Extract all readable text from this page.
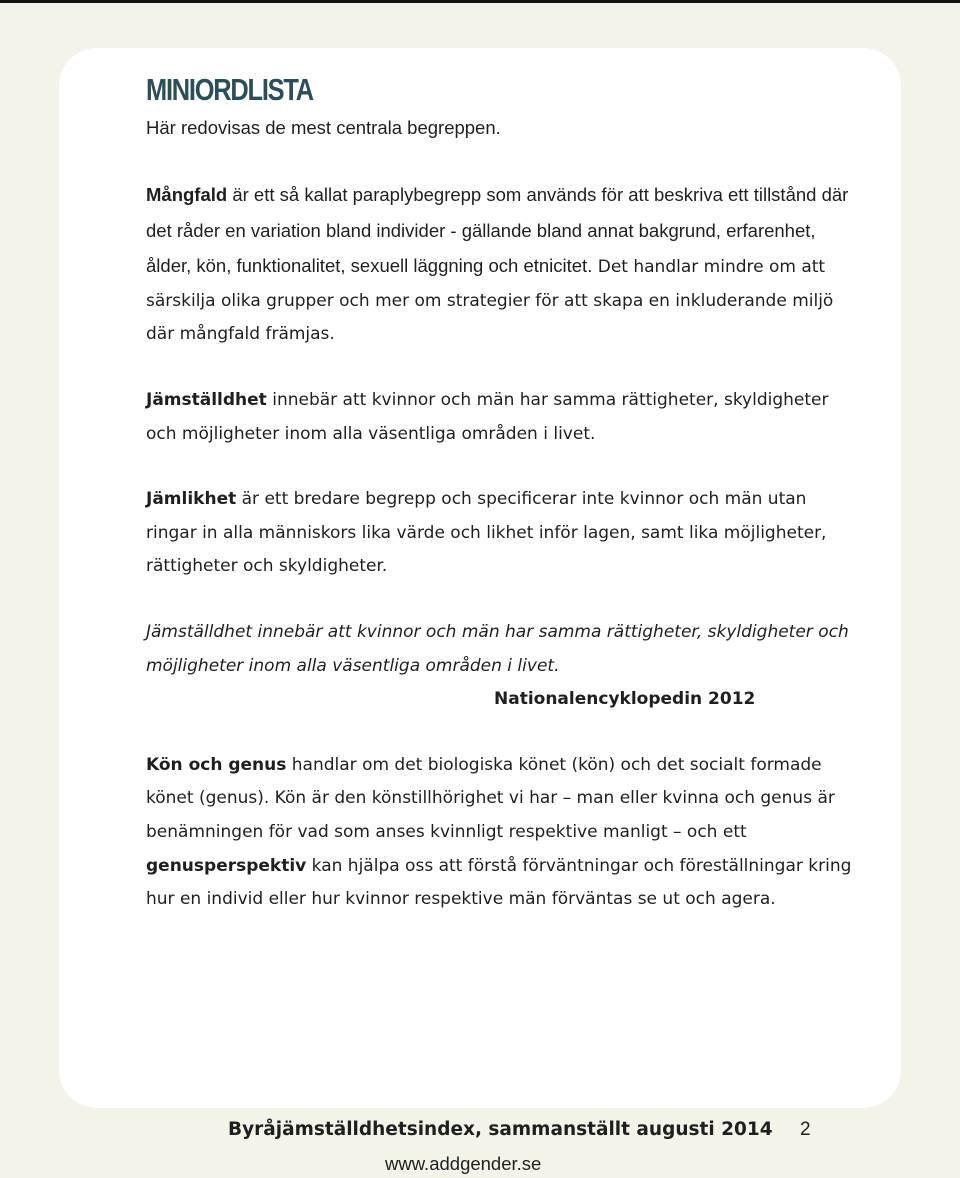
MINIORDLISTA
Här redovisas de mest centrala begreppen.

Mångfald är ett så kallat paraplybegrepp som används för att beskriva ett tillstånd där det råder en variation bland individer - gällande bland annat bakgrund, erfarenhet, ålder, kön, funktionalitet, sexuell läggning och etnicitet. Det handlar mindre om att särskilja olika grupper och mer om strategier för att skapa en inkluderande miljö där mångfald främjas.

Jämställdhet innebär att kvinnor och män har samma rättigheter, skyldigheter och möjligheter inom alla väsentliga områden i livet.

Jämlikhet är ett bredare begrepp och specificerar inte kvinnor och män utan ringar in alla människors lika värde och likhet inför lagen, samt lika möjligheter, rättigheter och skyldigheter.

Jämställdhet innebär att kvinnor och män har samma rättigheter, skyldigheter och möjligheter inom alla väsentliga områden i livet.

Nationalencyklopedin 2012

Kön och genus handlar om det biologiska könet (kön) och det socialt formade könet (genus). Kön är den könstillhörighet vi har – man eller kvinna och genus är benämningen för vad som anses kvinnligt respektive manligt – och ett genusperspektiv kan hjälpa oss att förstå förväntningar och föreställningar kring hur en individ eller hur kvinnor respektive män förväntas se ut och agera.

Byråjämställdhetsindex, sammanställt augusti 2014	2
www.addgender.se
